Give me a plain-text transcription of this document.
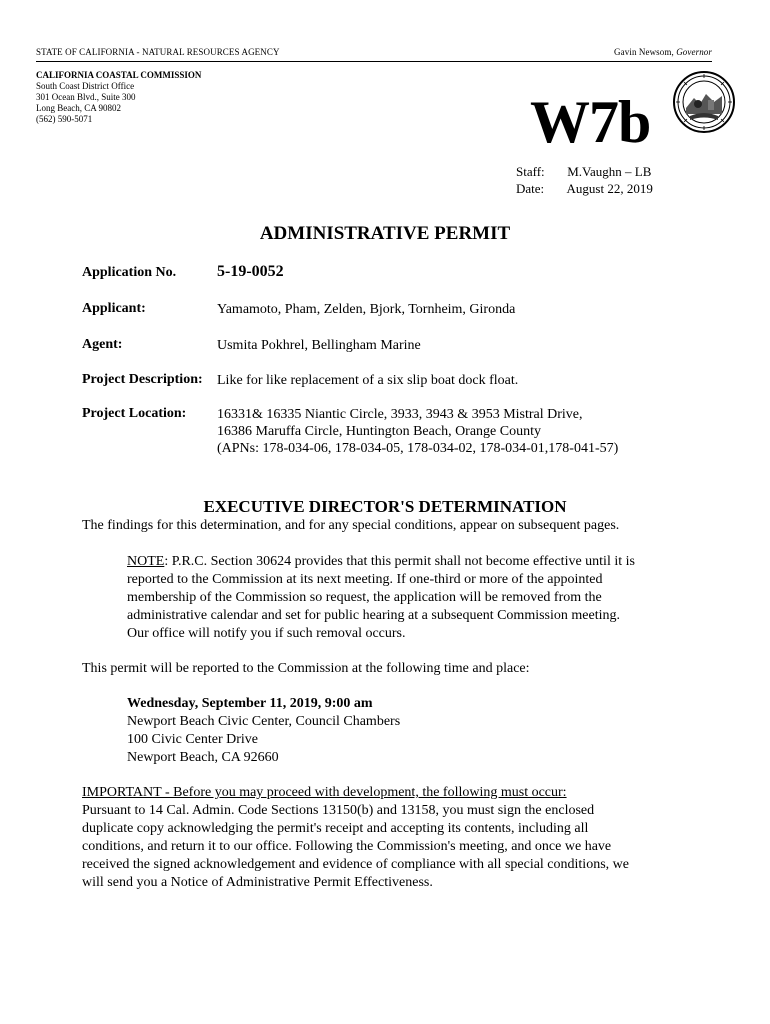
STATE OF CALIFORNIA - NATURAL RESOURCES AGENCY	Gavin Newsom, Governor
CALIFORNIA COASTAL COMMISSION
South Coast District Office
301 Ocean Blvd., Suite 300
Long Beach, CA 90802
(562) 590-5071	W7b
Staff: M.Vaughn – LB
Date: August 22, 2019
ADMINISTRATIVE PERMIT
Application No.	5-19-0052
Applicant:	Yamamoto, Pham, Zelden, Bjork, Tornheim, Gironda
Agent:	Usmita Pokhrel, Bellingham Marine
Project Description: Like for like replacement of a six slip boat dock float.
Project Location: 16331& 16335 Niantic Circle, 3933, 3943 & 3953 Mistral Drive,
16386 Maruffa Circle, Huntington Beach, Orange County
(APNs: 178-034-06, 178-034-05, 178-034-02, 178-034-01,178-041-57)
EXECUTIVE DIRECTOR'S DETERMINATION
The findings for this determination, and for any special conditions, appear on subsequent pages.
NOTE: P.R.C. Section 30624 provides that this permit shall not become effective until it is
reported to the Commission at its next meeting. If one-third or more of the appointed
membership of the Commission so request, the application will be removed from the
administrative calendar and set for public hearing at a subsequent Commission meeting.
Our office will notify you if such removal occurs.
This permit will be reported to the Commission at the following time and place:
Wednesday, September 11, 2019, 9:00 am
Newport Beach Civic Center, Council Chambers
100 Civic Center Drive
Newport Beach, CA 92660
IMPORTANT - Before you may proceed with development, the following must occur:
Pursuant to 14 Cal. Admin. Code Sections 13150(b) and 13158, you must sign the enclosed
duplicate copy acknowledging the permit's receipt and accepting its contents, including all
conditions, and return it to our office. Following the Commission's meeting, and once we have
received the signed acknowledgement and evidence of compliance with all special conditions, we
will send you a Notice of Administrative Permit Effectiveness.
